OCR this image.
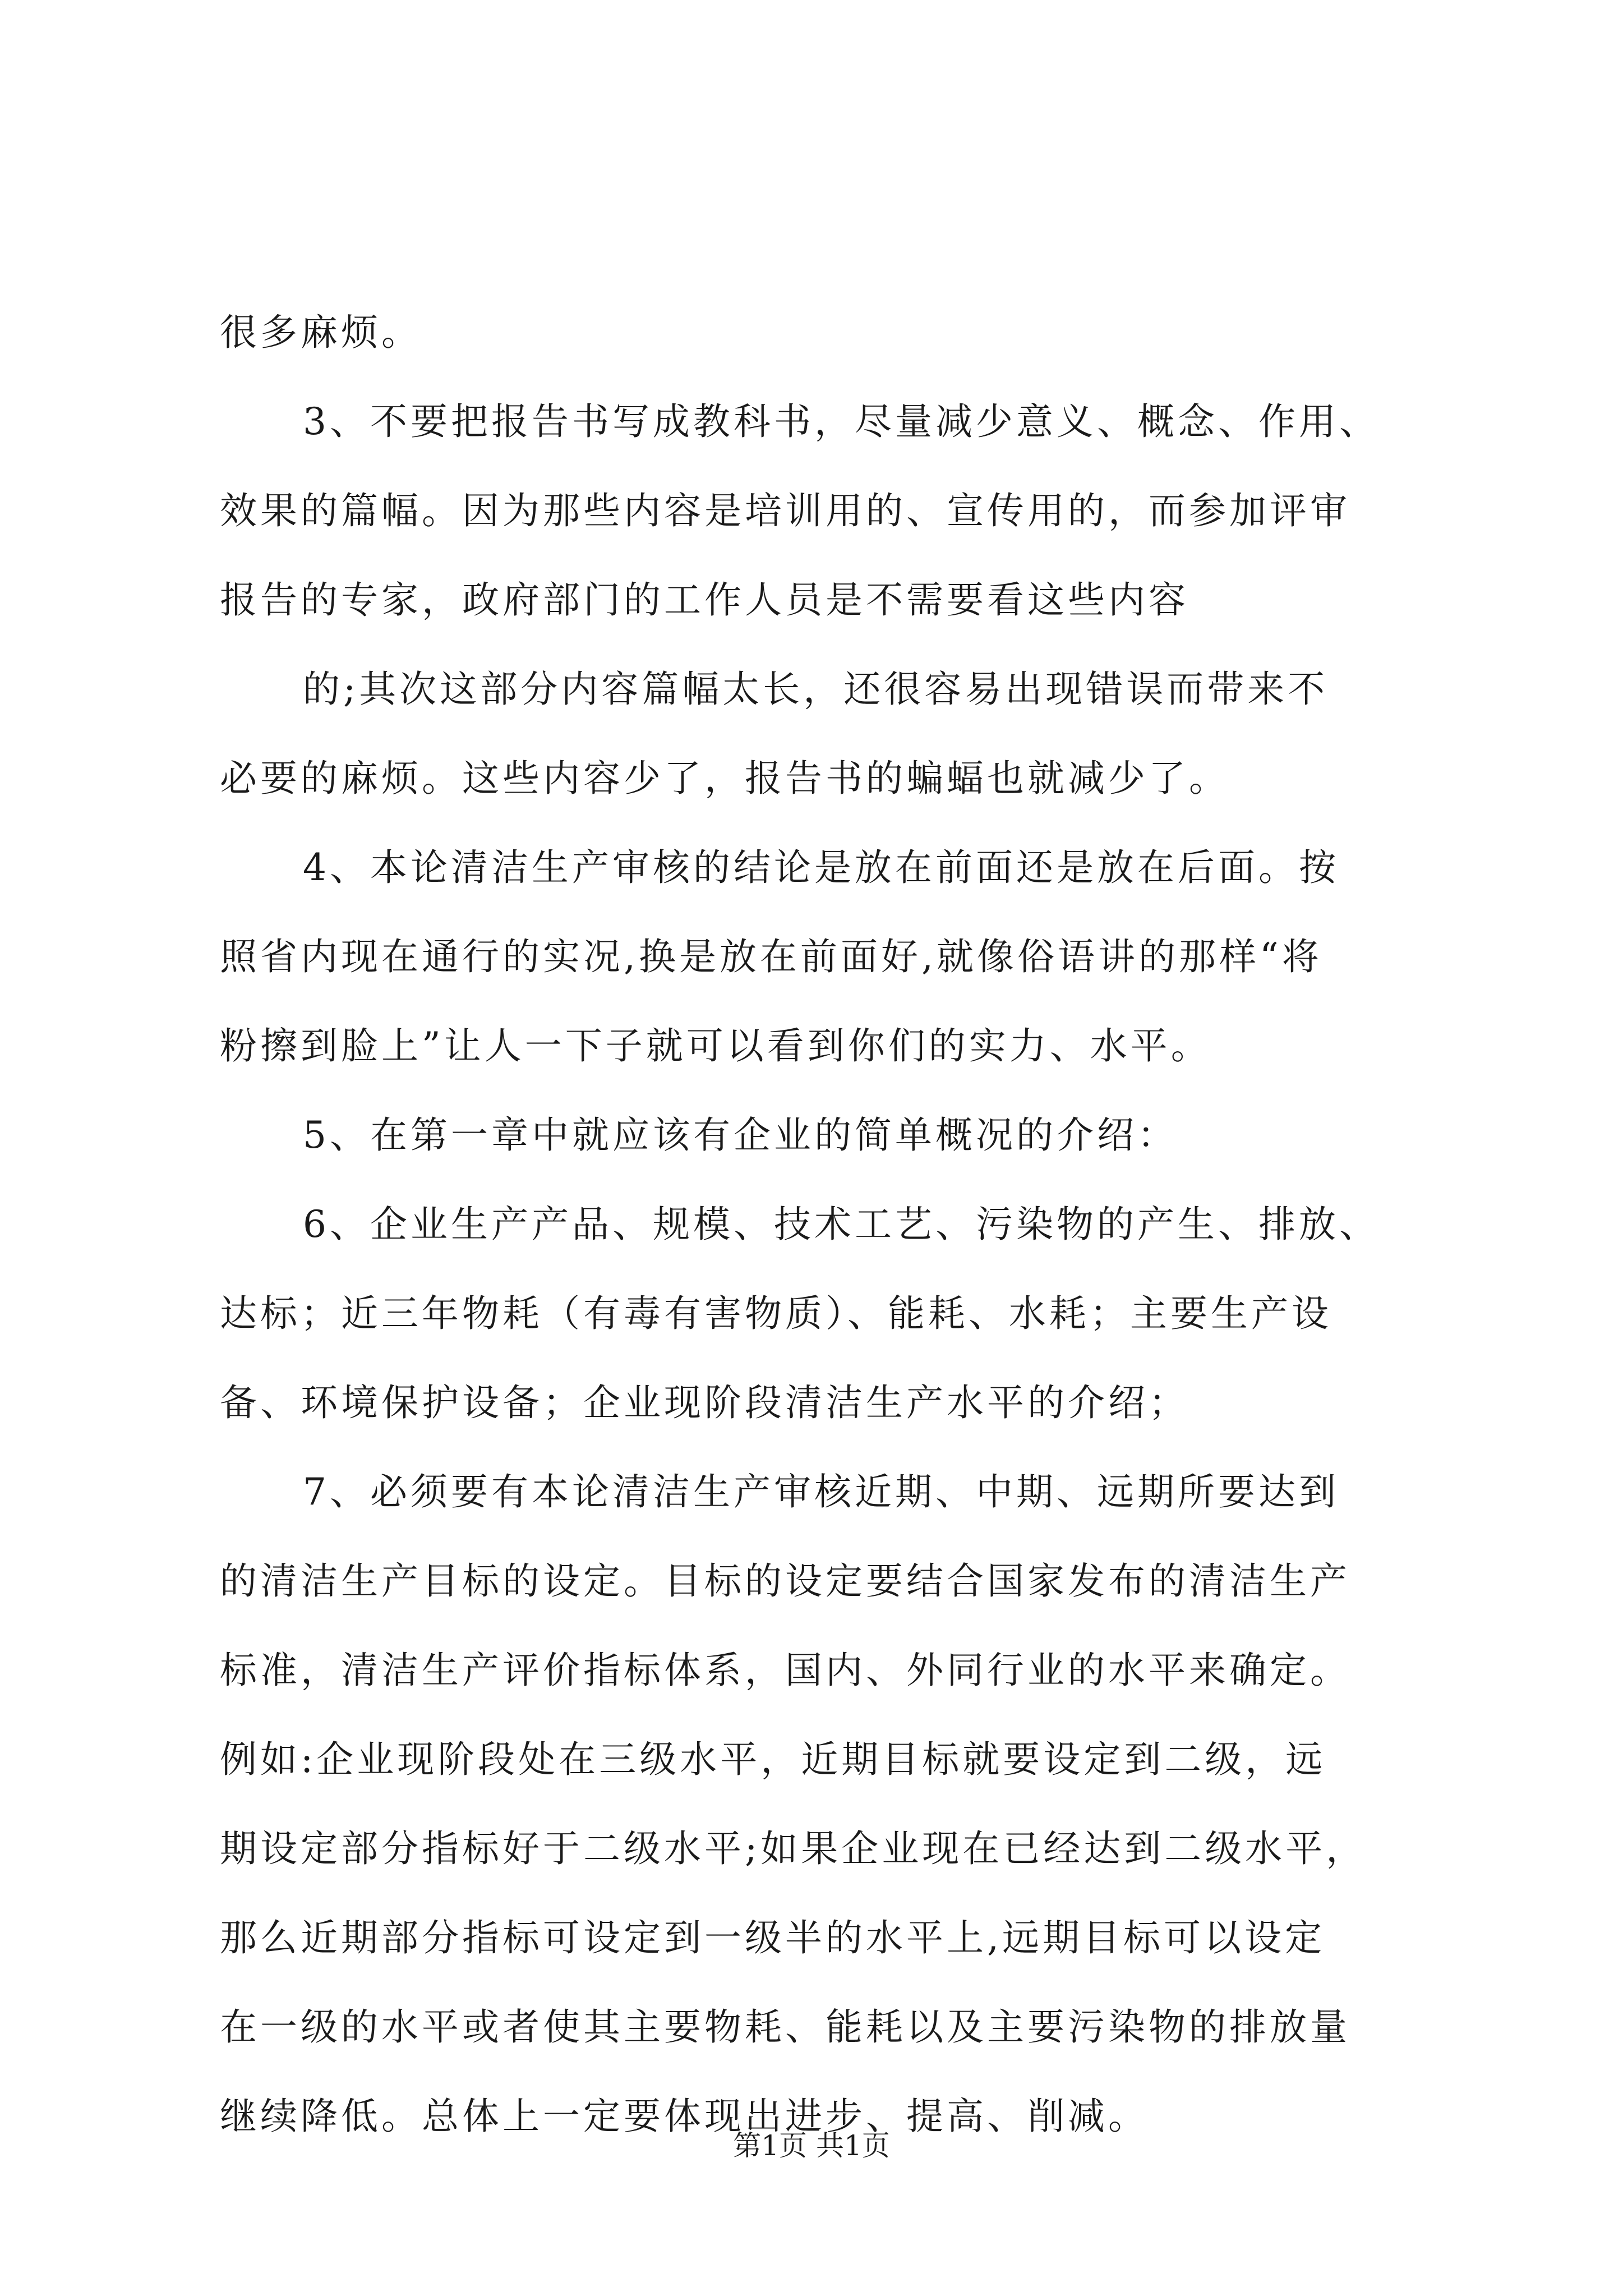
很多麻烦。

3、不要把报告书写成教科书，尽量减少意义、概念、作用、

效果的篇幅。因为那些内容是培训用的、宣传用的，而参加评审

报告的专家，政府部门的工作人员是不需要看这些内容

的;其次这部分内容篇幅太长，还很容易出现错误而带来不

必要的麻烦。这些内容少了，报告书的蝙蝠也就减少了。

4、本论清洁生产审核的结论是放在前面还是放在后面。按

照省内现在通行的实况,换是放在前面好,就像俗语讲的那样“将

粉擦到脸上”让人一下子就可以看到你们的实力、水平。

5、在第一章中就应该有企业的简单概况的介绍：

6、企业生产产品、规模、技术工艺、污染物的产生、排放、

达标；近三年物耗（有毒有害物质）、能耗、水耗；主要生产设

备、环境保护设备；企业现阶段清洁生产水平的介绍；

7、必须要有本论清洁生产审核近期、中期、远期所要达到

的清洁生产目标的设定。目标的设定要结合国家发布的清洁生产

标准，清洁生产评价指标体系，国内、外同行业的水平来确定。

例如:企业现阶段处在三级水平，近期目标就要设定到二级，远

期设定部分指标好于二级水平;如果企业现在已经达到二级水平，

那么近期部分指标可设定到一级半的水平上,远期目标可以设定

在一级的水平或者使其主要物耗、能耗以及主要污染物的排放量

继续降低。总体上一定要体现出进步、提高、削减。

第1页 共1页
